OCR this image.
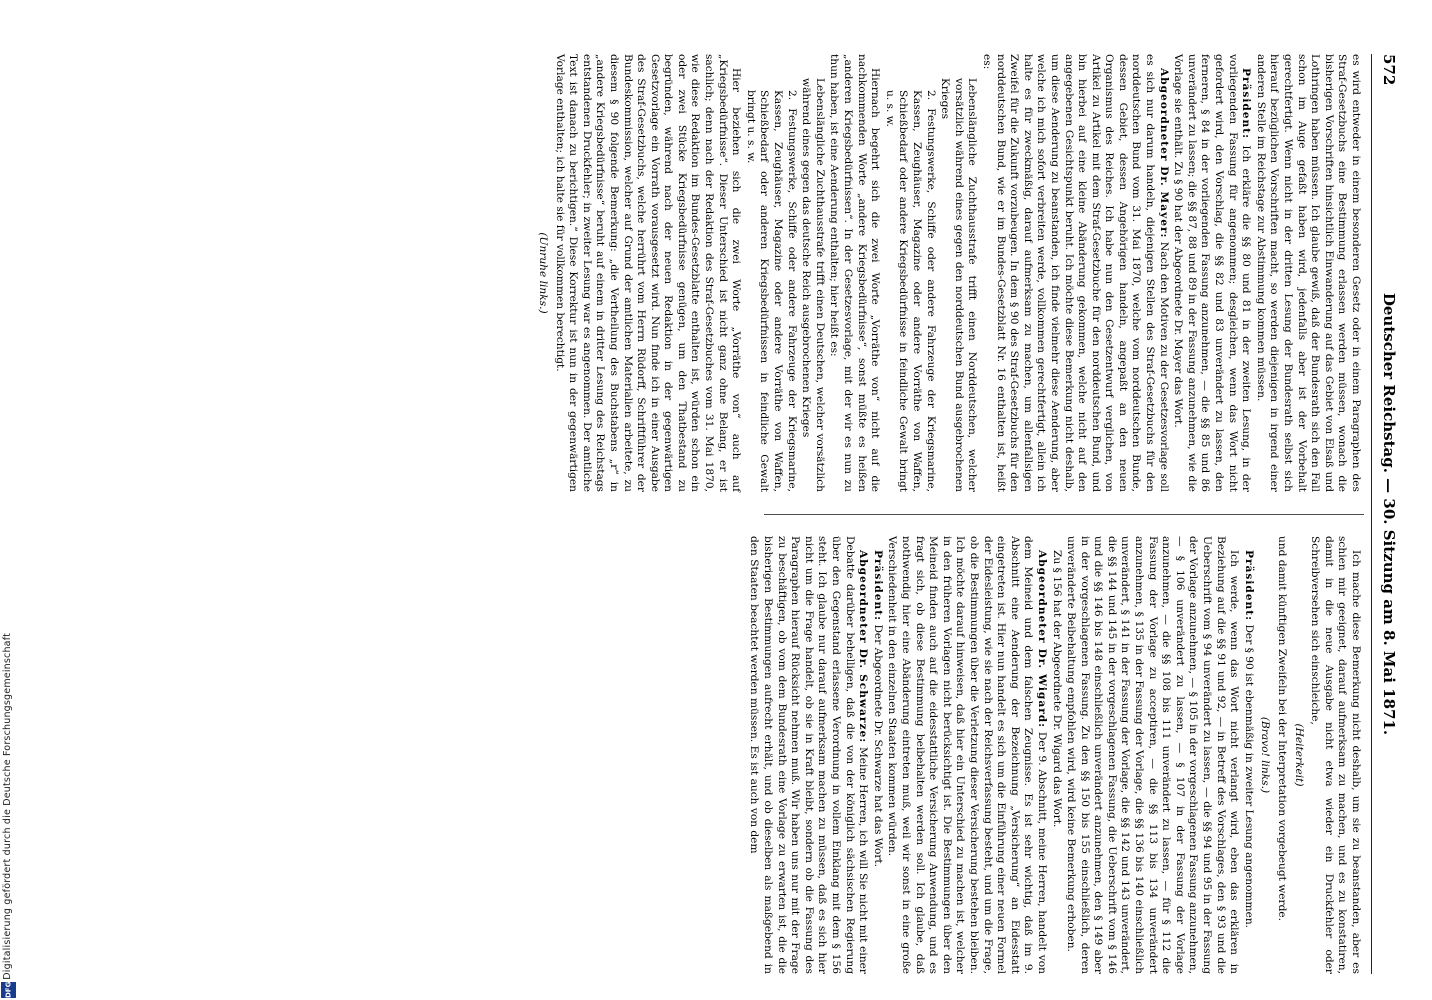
Digitalisierung gefördert durch die Deutsche Forschungsgemeinschaft
DFG
572
Deutscher Reichstag. — 30. Sitzung am 8. Mai 1871.

es wird entweder in einem besonderen Gesetz oder in einem Paragraphen des Straf-Gesetzbuchs eine Bestimmung erlassen werden müssen, wonach die bisherigen Vorschriften hinsichtlich Einwanderung auf das Gebiet von Elsaß und Lothringen haben müssen. Ich glaube gewiß, daß der Bundesrath sich den Fall schon im Auge gefaßt haben wird, jedenfalls aber ist der Vorbehalt gerechtfertigt. Wenn nicht in der dritten Lesung der Bundesrath selbst sich hierauf bezüglichen Vorschriften macht, so werden diejenigen in irgend einer anderen Stelle im Reichstage zur Abstimmung kommen müssen.

Präsident: Ich erkläre die §§ 80 und 81 in der zweiten Lesung, in der vorliegenden Fassung für angenommen; desgleichen, wenn das Wort nicht gefordert wird, den Vorschlag, die §§ 82 und 83 unverändert zu lassen, den ferneren, § 84 in der vorliegenden Fassung anzunehmen, — die §§ 85 und 86 unverändert zu lassen; die §§ 87, 88 und 89 in der Fassung anzunehmen, wie die Vorlage sie enthält. Zu § 90 hat der Abgeordnete Dr. Mayer das Wort.

Abgeordneter Dr. Mayer: Nach den Motiven zu der Gesetzesvorlage soll es sich nur darum handeln, diejenigen Stellen des Straf-Gesetzbuchs für den norddeutschen Bund vom 31. Mai 1870, welche vom norddeutschen Bunde, dessen Gebiet, dessen Angehörigen handeln, angepaßt an den neuen Organismus des Reiches. Ich habe nun den Gesetzentwurf verglichen, von Artikel zu Artikel mit dem Straf-Gesetzbuche für den norddeutschen Bund, und bin hierbei auf eine kleine Abänderung gekommen, welche nicht auf den angegebenen Gesichtspunkt beruht. Ich möchte diese Bemerkung nicht deshalb, um diese Aenderung zu beanstanden, ich finde vielmehr diese Aenderung, aber welche ich mich sofort verbreiten werde, vollkommen gerechtfertigt, allein ich halte es für zweckmäßig, darauf aufmerksam zu machen, um allenfallsigen Zweifel für die Zukunft vorzubeugen. In dem § 90 des Straf-Gesetzbuchs für den norddeutschen Bund, wie er im Bundes-Gesetzblatt Nr. 16 enthalten ist, heißt es:

Lebenslängliche Zuchthausstrafe trifft einen Norddeutschen, welcher vorsätzlich während eines gegen den norddeutschen Bund ausgebrochenen Krieges

2. Festungswerke, Schiffe oder andere Fahrzeuge der Kriegsmarine, Kassen, Zeughäuser, Magazine oder andere Vorräthe von Waffen, Schießbedarf oder andere Kriegsbedürfnisse in feindliche Gewalt bringt u. s. w.

Hiernach begehrt sich die zwei Worte „Vorräthe von“ nicht auf die nachkommenden Worte „andere Kriegsbedürfnisse“, sonst müßte es heißen „anderen Kriegsbedürfnissen“. In der Gesetzesvorlage, mit der wir es nun zu thun haben, ist eine Aenderung enthalten; hier heißt es:

Lebenslängliche Zuchthausstrafe trifft einen Deutschen, welcher vorsätzlich während eines gegen das deutsche Reich ausgebrochenen Krieges

2. Festungswerke, Schiffe oder andere Fahrzeuge der Kriegsmarine, Kassen, Zeughäuser, Magazine oder andere Vorräthe von Waffen, Schießbedarf oder anderen Kriegsbedürfnissen in feindliche Gewalt bringt u. s. w.

Hier beziehen sich die zwei Worte „Vorräthe von“ auch auf „Kriegsbedürfnisse“. Dieser Unterschied ist nicht ganz ohne Belang, er ist sachlich; denn nach der Redaktion des Straf-Gesetzbuches vom 31. Mai 1870, wie diese Redaktion im Bundes-Gesetzblatte enthalten ist, würden schon ein oder zwei Stücke Kriegsbedürfnisse genügen, um den Thatbestand zu begründen, während nach der neuen Redaktion in der gegenwärtigen Gesetzvorlage ein Vorrath vorausgesetzt wird. Nun finde ich in einer Ausgabe des Straf-Gesetzbuchs, welche herrührt vom Herrn Rüdorff, Schriftführer der Bundeskommission, welcher auf Grund der amtlichen Materialien arbeitete, zu diesem § 90 folgende Bemerkung: „die Vertheilung des Buchstabens „r“ in „andere Kriegsbedürfnisse“ beruht auf einem in dritter Lesung des Reichstags entstandenen Druckfehler; in zweiter Lesung war es angenommen. Der amtliche Text ist danach zu berichtigen.“ Diese Korrektur ist nun in der gegenwärtigen Vorlage enthalten; ich halte sie für vollkommen berechtigt.

(Unruhe links.)

Ich mache diese Bemerkung nicht deshalb, um sie zu beanstanden, aber es schien mir geeignet, darauf aufmerksam zu machen, und es zu konstatiren, damit in die neue Ausgabe nicht etwa wieder ein Druckfehler oder Schreibversehen sich einschleiche,

(Heiterkeit)

und damit künftigen Zweifeln bei der Interpretation vorgebeugt werde.

(Bravo! links.)

Präsident: Der § 90 ist ebenmäßig in zweiter Lesung angenommen.

Ich werde, wenn das Wort nicht verlangt wird, eben das erklären in Beziehung auf die §§ 91 und 92, — in Betreff des Vorschlages, den § 93 und die Ueberschrift vom § 94 unverändert zu lassen, — die §§ 94 und 95 in der Fassung der Vorlage anzunehmen, — § 105 in der vorgeschlagenen Fassung anzunehmen, — § 106 unverändert zu lassen, — § 107 in der Fassung der Vorlage anzunehmen, — die §§ 108 bis 111 unverändert zu lassen, — für § 112 die Fassung der Vorlage zu acceptiren, — die §§ 113 bis 134 unverändert anzunehmen, § 135 in der Fassung der Vorlage, die §§ 136 bis 140 einschließlich unverändert, § 141 in der Fassung der Vorlage, die §§ 142 und 143 unverändert, die §§ 144 und 145 in der vorgeschlagenen Fassung, die Ueberschrift vom § 146 und die §§ 146 bis 148 einschließlich unverändert anzunehmen, den § 149 aber in der vorgeschlagenen Fassung. Zu den §§ 150 bis 155 einschließlich, deren unveränderte Beibehaltung empfohlen wird, wird keine Bemerkung erhoben.

Zu § 156 hat der Abgeordnete Dr. Wigard das Wort.

Abgeordneter Dr. Wigard: Der 9. Abschnitt, meine Herren, handelt von dem Meineid und dem falschen Zeugnisse. Es ist sehr wichtig, daß im 9. Abschnitt eine Aenderung der Bezeichnung „Versicherung“ an Eidesstatt eingetreten ist. Hier nun handelt es sich um die Einführung einer neuen Formel der Eidesleistung, wie sie nach der Reichsverfassung besteht, und um die Frage, ob die Bestimmungen über die Verletzung dieser Versicherung bestehen bleiben. Ich möchte darauf hinweisen, daß hier ein Unterschied zu machen ist, welcher in den früheren Vorlagen nicht berücksichtigt ist. Die Bestimmungen über den Meineid finden auch auf die eidesstattliche Versicherung Anwendung, und es fragt sich, ob diese Bestimmung beibehalten werden soll. Ich glaube, daß nothwendig hier eine Abänderung eintreten muß, weil wir sonst in eine große Verschiedenheit in den einzelnen Staaten kommen würden.

Präsident: Der Abgeordnete Dr. Schwarze hat das Wort.

Abgeordneter Dr. Schwarze: Meine Herren, ich will Sie nicht mit einer Debatte darüber behelligen, daß die von der königlich sächsischen Regierung über den Gegenstand erlassene Verordnung in vollem Einklang mit dem § 156 steht. Ich glaube nur darauf aufmerksam machen zu müssen, daß es sich hier nicht um die Frage handelt, ob sie in Kraft bleibt, sondern ob die Fassung des Paragraphen hierauf Rücksicht nehmen muß. Wir haben uns nur mit der Frage zu beschäftigen, ob vom dem Bundesrath eine Vorlage zu erwarten ist, die die bisherigen Bestimmungen aufrecht erhält, und ob dieselben als maßgebend in den Staaten beachtet werden müssen. Es ist auch von dem
